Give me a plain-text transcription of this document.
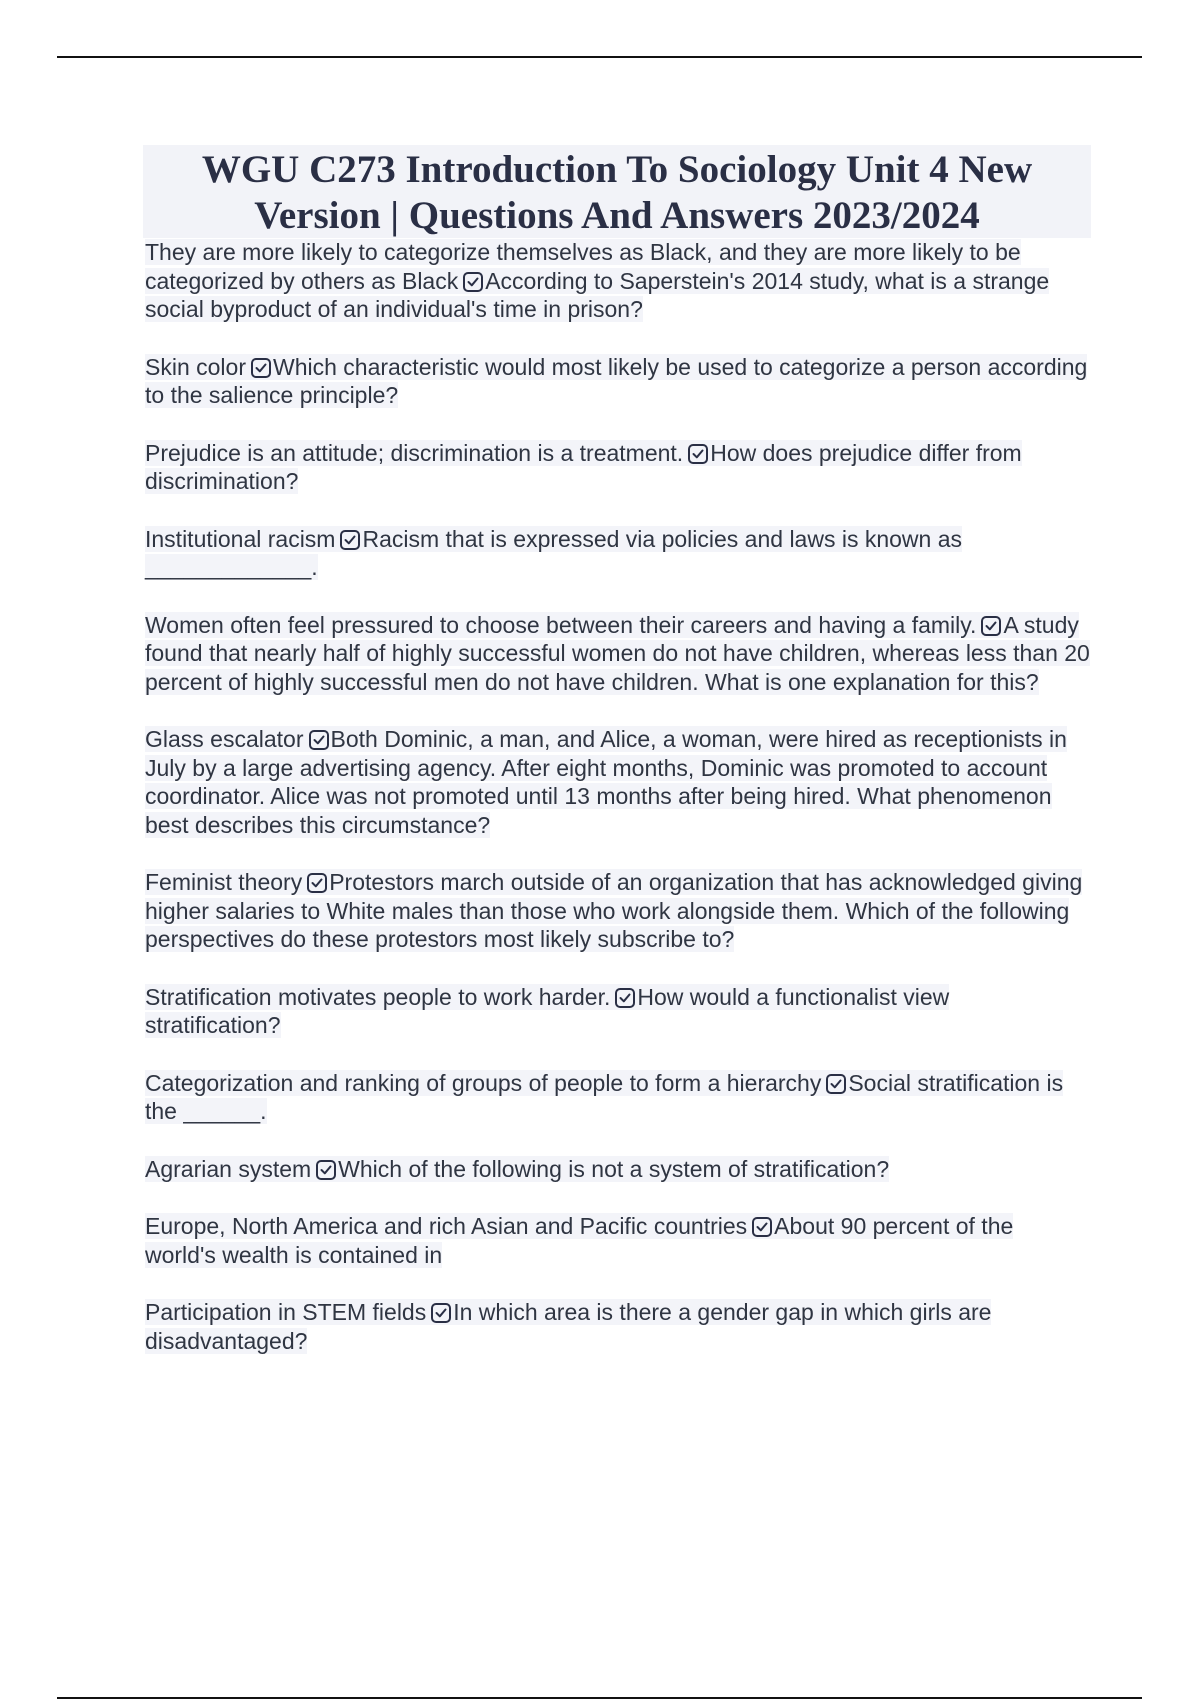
WGU C273 Introduction To Sociology Unit 4 New Version | Questions And Answers 2023/2024

They are more likely to categorize themselves as Black, and they are more likely to be categorized by others as Black According to Saperstein's 2014 study, what is a strange social byproduct of an individual's time in prison?

Skin color Which characteristic would most likely be used to categorize a person according to the salience principle?

Prejudice is an attitude; discrimination is a treatment. How does prejudice differ from discrimination?

Institutional racism Racism that is expressed via policies and laws is known as _____________.

Women often feel pressured to choose between their careers and having a family. A study found that nearly half of highly successful women do not have children, whereas less than 20 percent of highly successful men do not have children. What is one explanation for this?

Glass escalator Both Dominic, a man, and Alice, a woman, were hired as receptionists in July by a large advertising agency. After eight months, Dominic was promoted to account coordinator. Alice was not promoted until 13 months after being hired. What phenomenon best describes this circumstance?

Feminist theory Protestors march outside of an organization that has acknowledged giving higher salaries to White males than those who work alongside them. Which of the following perspectives do these protestors most likely subscribe to?

Stratification motivates people to work harder. How would a functionalist view stratification?

Categorization and ranking of groups of people to form a hierarchy Social stratification is the ______.

Agrarian system Which of the following is not a system of stratification?

Europe, North America and rich Asian and Pacific countries About 90 percent of the world's wealth is contained in

Participation in STEM fields In which area is there a gender gap in which girls are disadvantaged?
